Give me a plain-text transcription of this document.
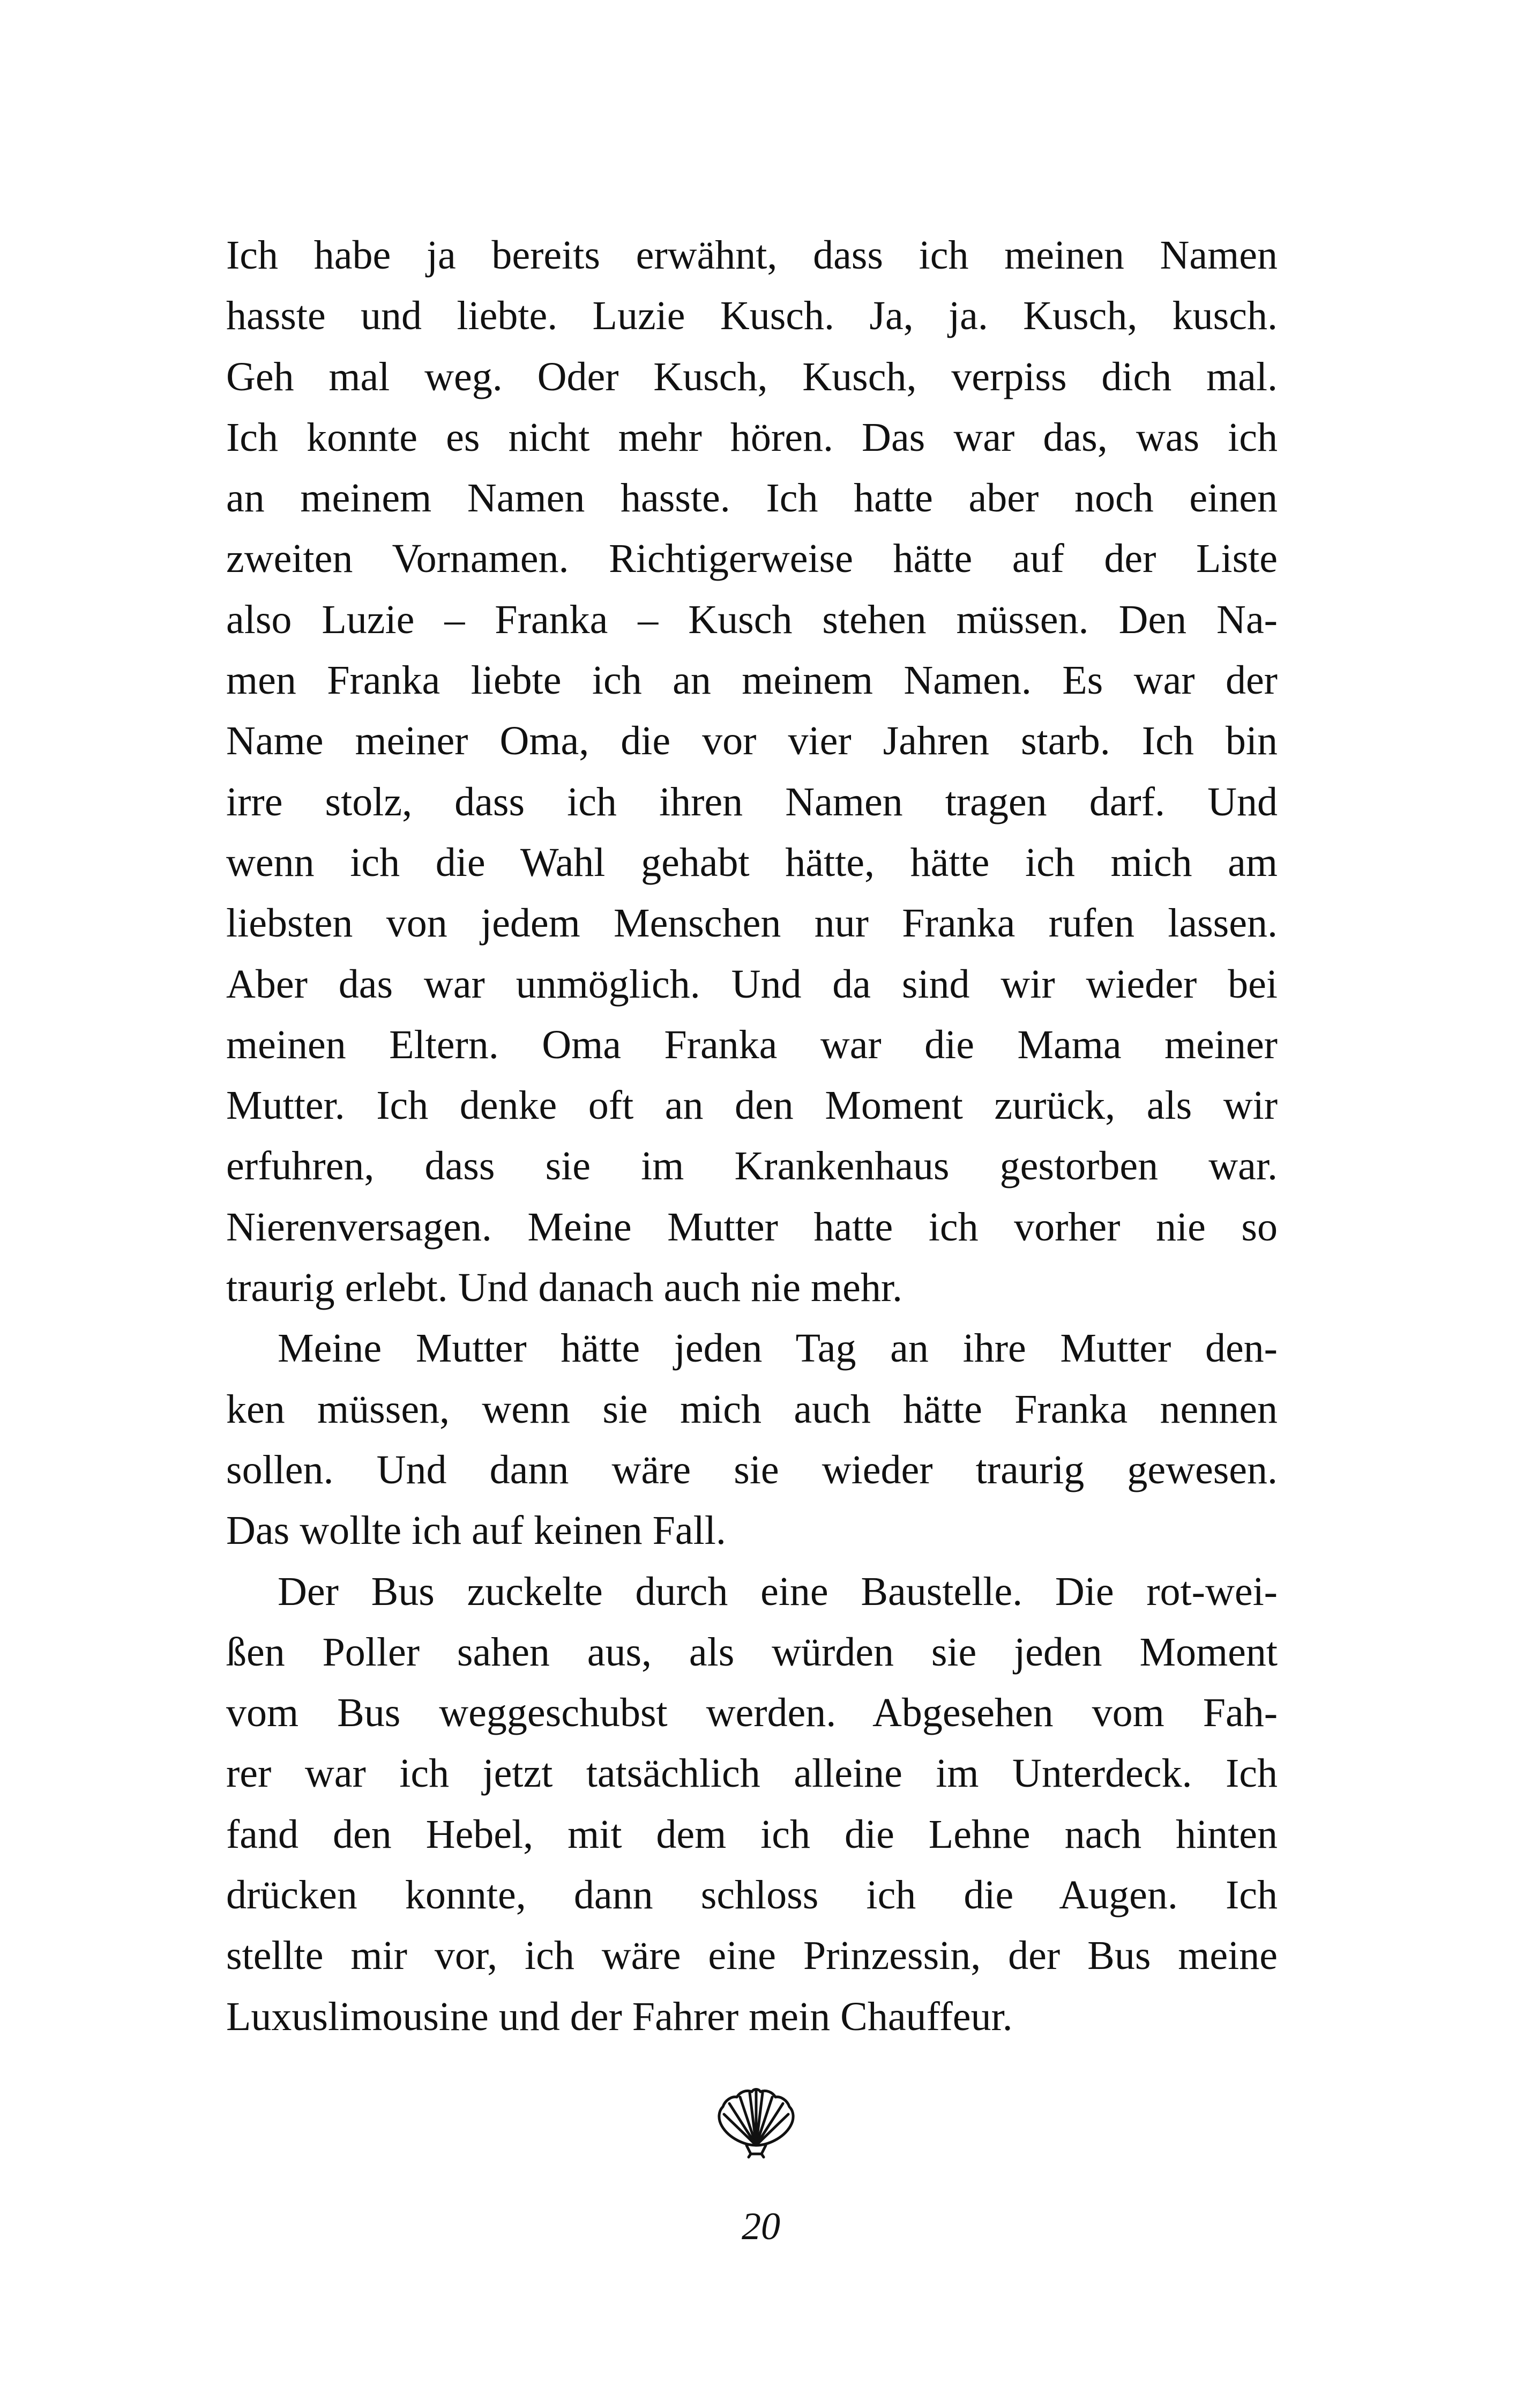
Ich habe ja bereits erwähnt, dass ich meinen Namen
hasste und liebte. Luzie Kusch. Ja, ja. Kusch, kusch.
Geh mal weg. Oder Kusch, Kusch, verpiss dich mal.
Ich konnte es nicht mehr hören. Das war das, was ich
an meinem Namen hasste. Ich hatte aber noch einen
zweiten Vornamen. Richtigerweise hätte auf der Liste
also Luzie – Franka – Kusch stehen müssen. Den Na-
men Franka liebte ich an meinem Namen. Es war der
Name meiner Oma, die vor vier Jahren starb. Ich bin
irre stolz, dass ich ihren Namen tragen darf. Und
wenn ich die Wahl gehabt hätte, hätte ich mich am
liebsten von jedem Menschen nur Franka rufen lassen.
Aber das war unmöglich. Und da sind wir wieder bei
meinen Eltern. Oma Franka war die Mama meiner
Mutter. Ich denke oft an den Moment zurück, als wir
erfuhren, dass sie im Krankenhaus gestorben war.
Nierenversagen. Meine Mutter hatte ich vorher nie so
traurig erlebt. Und danach auch nie mehr.
Meine Mutter hätte jeden Tag an ihre Mutter den-
ken müssen, wenn sie mich auch hätte Franka nennen
sollen. Und dann wäre sie wieder traurig gewesen.
Das wollte ich auf keinen Fall.
Der Bus zuckelte durch eine Baustelle. Die rot-wei-
ßen Poller sahen aus, als würden sie jeden Moment
vom Bus weggeschubst werden. Abgesehen vom Fah-
rer war ich jetzt tatsächlich alleine im Unterdeck. Ich
fand den Hebel, mit dem ich die Lehne nach hinten
drücken konnte, dann schloss ich die Augen. Ich
stellte mir vor, ich wäre eine Prinzessin, der Bus meine
Luxuslimousine und der Fahrer mein Chauffeur.
20
